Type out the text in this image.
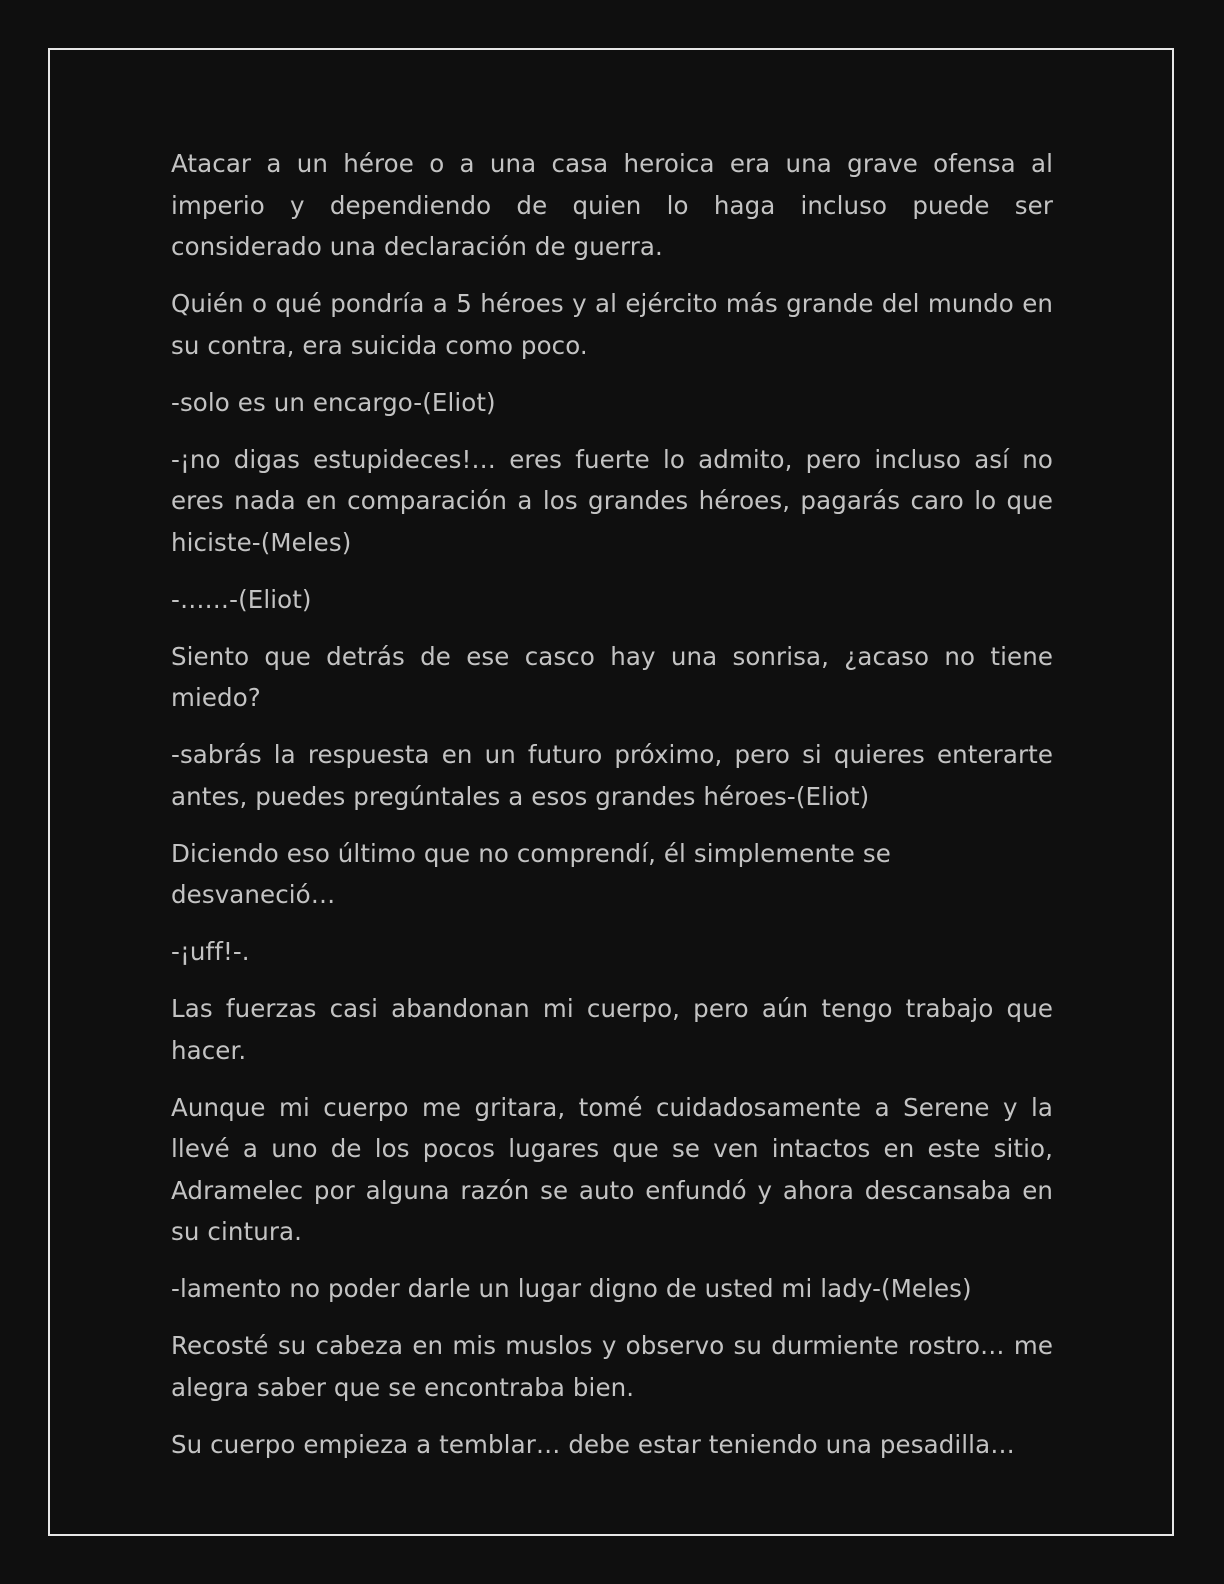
Atacar a un héroe o a una casa heroica era una grave ofensa al imperio y dependiendo de quien lo haga incluso puede ser considerado una declaración de guerra.

Quién o qué pondría a 5 héroes y al ejército más grande del mundo en su contra, era suicida como poco.

-solo es un encargo-(Eliot)

-¡no digas estupideces!… eres fuerte lo admito, pero incluso así no eres nada en comparación a los grandes héroes, pagarás caro lo que hiciste-(Meles)

-……-(Eliot)

Siento que detrás de ese casco hay una sonrisa, ¿acaso no tiene miedo?

-sabrás la respuesta en un futuro próximo, pero si quieres enterarte antes, puedes pregúntales a esos grandes héroes-(Eliot)

Diciendo eso último que no comprendí, él simplemente se desvaneció…

-¡uff!-.

Las fuerzas casi abandonan mi cuerpo, pero aún tengo trabajo que hacer.

Aunque mi cuerpo me gritara, tomé cuidadosamente a Serene y la llevé a uno de los pocos lugares que se ven intactos en este sitio, Adramelec por alguna razón se auto enfundó y ahora descansaba en su cintura.

-lamento no poder darle un lugar digno de usted mi lady-(Meles)

Recosté su cabeza en mis muslos y observo su durmiente rostro… me alegra saber que se encontraba bien.

Su cuerpo empieza a temblar… debe estar teniendo una pesadilla…
